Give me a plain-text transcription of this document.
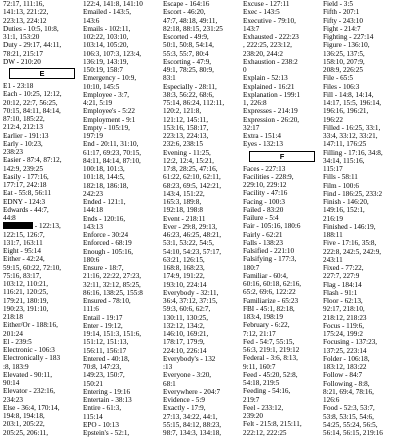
72:17, 111:16,
141:13, 221:22,
223:13, 224:12
Duties - 10:5, 10:8,
31:1, 153:20
Duty - 29:17, 44:11,
78:21, 215:17
DW - 210:20
E
E1 - 23:18
Each - 10:25, 12:12,
20:12, 22:7, 56:25,
70:15, 84:11, 84:14,
87:10, 185:22,
212:4, 212:13
Earlier - 191:13
Early - 10:23,
238:23
Easier - 87:4, 87:12,
142:9, 239:25
Easily - 177:16,
177:17, 242:18
Eat - 55:8, 56:11
EDNY - 124:3
Edwards - 44:7,
44:8
- 122:13,
122:15, 126:7,
131:7, 163:11
Eight - 95:14
Either - 42:24,
59:15, 60:22, 72:10,
75:16, 83:17,
103:12, 110:21,
116:21, 120:25,
179:21, 180:19,
190:23, 191:10,
218:18
Either/Or - 188:16,
201:24
El - 239:5
Electronic - 106:3
Electronically - 183
:8, 183:9
Elevated - 90:11,
90:14
Elevator - 232:16,
234:23
Else - 36:4, 170:14,
194:8, 194:18,
203:1, 205:22,
205:25, 206:11,
122:4, 141:8, 141:10
Emailed - 143:5,
143:6
Emails - 102:11,
102:22, 103:10,
103:14, 105:20,
106:3, 107:3, 123:4,
136:19, 143:19,
150:19, 158:7
Emergency - 10:9,
10:10, 145:5
Employee - 3:7,
4:21, 5:19
Employee's - 5:22
Employment - 9:1
Empty - 105:19,
197:19
End - 20:11, 31:10,
61:17, 69:23, 70:15,
84:11, 84:14, 87:10,
100:18, 101:3,
101:18, 144:5,
182:18, 186:18,
242:23
Ended - 121:1,
144:18
Ends - 120:16,
143:13
Enforce - 30:24
Enforced - 68:19
Enough - 105:16,
180:6
Ensure - 18:7,
21:16, 22:22, 27:23,
32:11, 32:12, 85:25,
86:16, 138:25, 155:8
Ensured - 78:10,
111:6
Entail - 19:17
Enter - 19:12,
19:14, 151:3, 151:6,
151:12, 151:13,
156:11, 156:17
Entered - 40:18,
70:8, 147:23,
149:23, 150:7,
150:21
Entering - 19:16
Entertain - 38:13
Entire - 61:3,
115:14
EPO - 10:13
Epstein's - 52:1,
Escape - 164:16
Escort - 46:20,
47:7, 48:18, 49:11,
82:18, 88:15, 231:25
Escorted - 49:9,
50:1, 50:8, 54:14,
55:3, 55:7, 80:4
Escorting - 47:9,
49:1, 78:25, 80:9,
83:1
Especially - 28:11,
38:3, 56:22, 68:6,
75:14, 86:24, 112:11,
120:2, 121:8,
121:12, 145:11,
153:16, 158:17,
223:13, 224:13,
232:6, 238:15
Evening - 11:25,
12:2, 12:4, 15:21,
17:8, 28:25, 47:16,
61:22, 62:10, 62:11,
68:23, 69:5, 142:21,
143:4, 151:22,
165:3, 189:8,
192:18, 198:8
Event - 218:11
Ever - 29:8, 29:13,
46:23, 46:25, 48:21,
53:1, 53:22, 54:5,
54:10, 54:23, 57:17,
63:21, 126:15,
168:8, 168:23,
174:9, 191:22,
193:10, 224:14
Everybody - 32:11,
36:4, 37:12, 37:15,
59:3, 60:6, 62:7,
130:11, 130:25,
132:12, 134:2,
146:10, 169:21,
178:17, 179:9,
224:10, 226:14
Everybody's - 132
:13
Everyone - 3:20,
68:1
Everywhere - 204:7
Evidence - 5:9
Exactly - 17:9,
27:13, 34:22, 44:1,
55:15, 84:12, 88:23,
98:7, 134:3, 134:18,
Excuse - 127:11
Exec - 143:5
Executive - 79:10,
143:7
Exhausted - 222:23
, 222:25, 223:12,
238:20, 244:2
Exhaustion - 238:2
0
Explain - 52:13
Explained - 16:21
Explanation - 199:1
1, 226:8
Expresses - 214:19
Expression - 26:20,
32:17
Extra - 151:4
Eyes - 132:13
F
Faces - 227:13
Facilities - 228:9,
229:10, 229:12
Facility - 47:16
Facing - 100:3
Failed - 83:20
Failure - 5:4
Fair - 105:16, 180:6
Fairly - 62:21
Falls - 138:23
Falsified - 221:10
Falsifying - 177:3,
180:7
Familiar - 60:4,
60:16, 60:18, 62:16,
65:2, 69:6, 122:22
Familiarize - 65:23
FBI - 45:1, 82:18,
183:4, 198:19
February - 6:22,
7:12, 21:17
Fed - 54:7, 55:15,
56:3, 219:1, 219:12
Federal - 3:6, 8:13,
9:11, 160:7
Feed - 45:20, 52:8,
54:18, 219:5
Feeding - 54:16,
219:7
Feel - 233:12,
239:20
Felt - 215:8, 215:11,
222:12, 222:25
Field - 3:5
Fifth - 207:1
Fifty - 243:10
Fight - 214:7
Fighting - 227:14
Figure - 136:10,
136:25, 137:5,
158:10, 207:9,
208:9, 226:25
File - 65:5
Files - 106:3
Fill - 14:8, 14:14,
14:17, 15:5, 196:14,
196:16, 196:21,
196:22
Filled - 16:25, 33:1,
33:4, 33:12, 33:21,
147:11, 176:25
Filling - 17:16, 34:8,
34:14, 115:16,
115:17
Fills - 58:11
Film - 100:6
Find - 186:25, 233:2
Finish - 146:20,
149:16, 152:1,
216:19
Finished - 146:19,
188:11
Five - 17:16, 35:8,
222:8, 242:5, 242:9,
243:11
Fixed - 77:22,
227:7, 227:9
Flag - 184:14
Flash - 91:1
Floor - 62:13,
92:17, 218:10,
218:12, 218:23
Focus - 119:6,
175:24, 199:2
Focusing - 137:23,
137:25, 223:14
Folder - 106:18,
183:12, 183:22
Follow - 84:7
Following - 8:8,
8:21, 69:4, 78:16,
126:6
Food - 52:3, 53:7,
53:8, 53:15, 54:6,
54:25, 55:24, 56:5,
56:14, 56:15, 219:16
